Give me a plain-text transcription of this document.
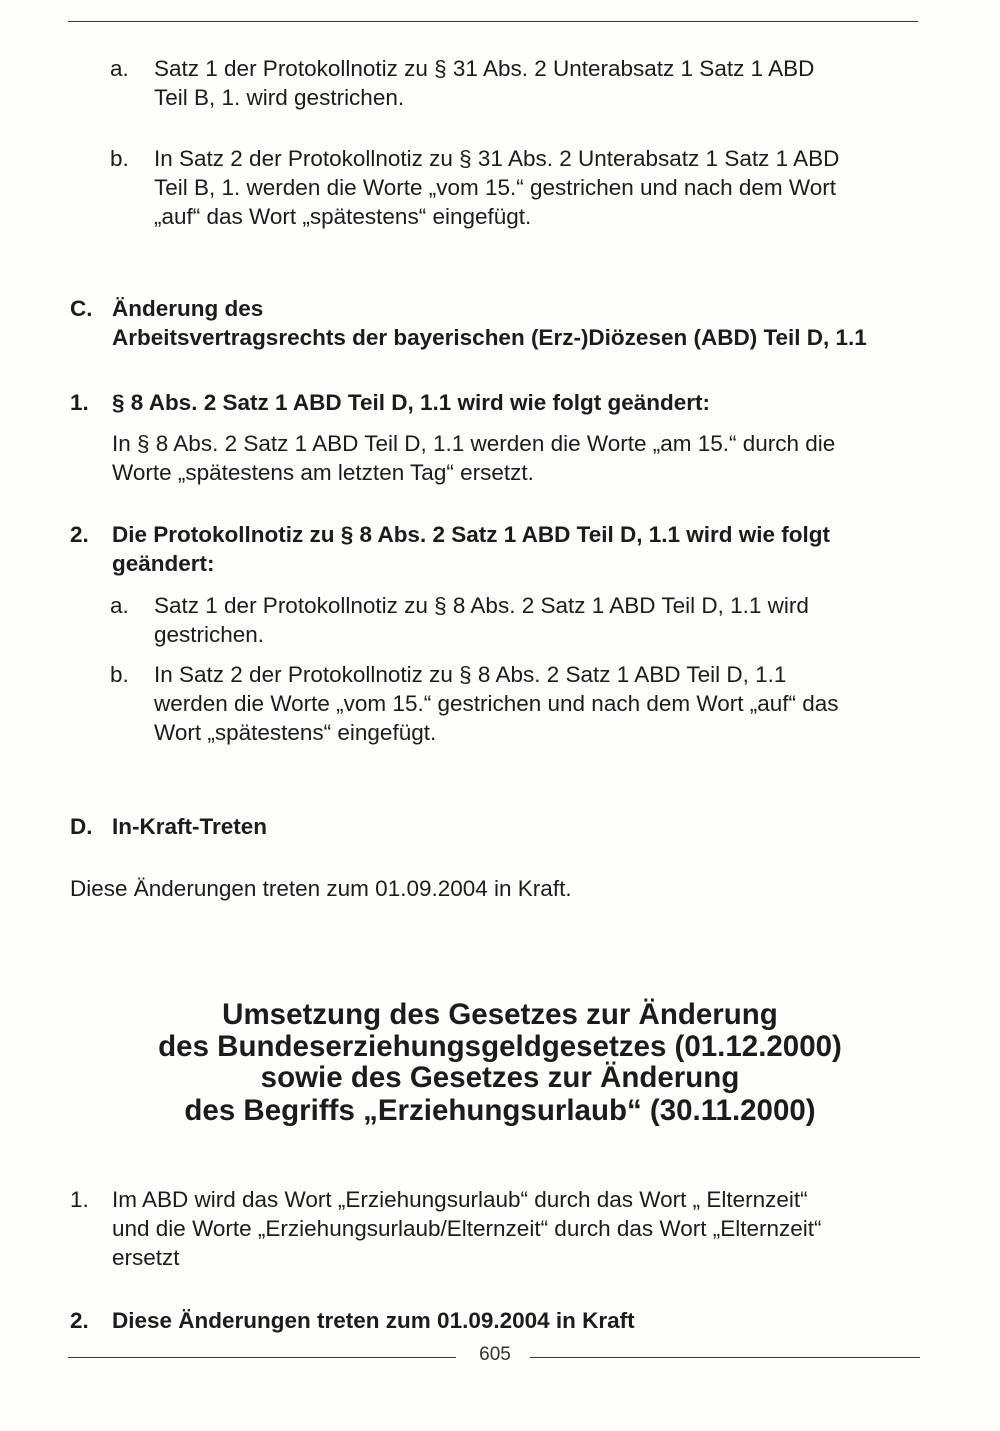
a. Satz 1 der Protokollnotiz zu § 31 Abs. 2 Unterabsatz 1 Satz 1 ABD
Teil B, 1. wird gestrichen.
b. In Satz 2 der Protokollnotiz zu § 31 Abs. 2 Unterabsatz 1 Satz 1 ABD
Teil B, 1. werden die Worte „vom 15.“ gestrichen und nach dem Wort
„auf“ das Wort „spätestens“ eingefügt.
C. Änderung des
Arbeitsvertragsrechts der bayerischen (Erz-)Diözesen (ABD) Teil D, 1.1
1. § 8 Abs. 2 Satz 1 ABD Teil D, 1.1 wird wie folgt geändert:
In § 8 Abs. 2 Satz 1 ABD Teil D, 1.1 werden die Worte „am 15.“ durch die
Worte „spätestens am letzten Tag“ ersetzt.
2. Die Protokollnotiz zu § 8 Abs. 2 Satz 1 ABD Teil D, 1.1 wird wie folgt
geändert:
a. Satz 1 der Protokollnotiz zu § 8 Abs. 2 Satz 1 ABD Teil D, 1.1 wird
gestrichen.
b. In Satz 2 der Protokollnotiz zu § 8 Abs. 2 Satz 1 ABD Teil D, 1.1
werden die Worte „vom 15.“ gestrichen und nach dem Wort „auf“ das
Wort „spätestens“ eingefügt.
D. In-Kraft-Treten
Diese Änderungen treten zum 01.09.2004 in Kraft.
Umsetzung des Gesetzes zur Änderung
des Bundeserziehungsgeldgesetzes (01.12.2000)
sowie des Gesetzes zur Änderung
des Begriffs „Erziehungsurlaub“ (30.11.2000)
1. Im ABD wird das Wort „Erziehungsurlaub“ durch das Wort „ Elternzeit“
und die Worte „Erziehungsurlaub/Elternzeit“ durch das Wort „Elternzeit“
ersetzt
2. Diese Änderungen treten zum 01.09.2004 in Kraft
605
